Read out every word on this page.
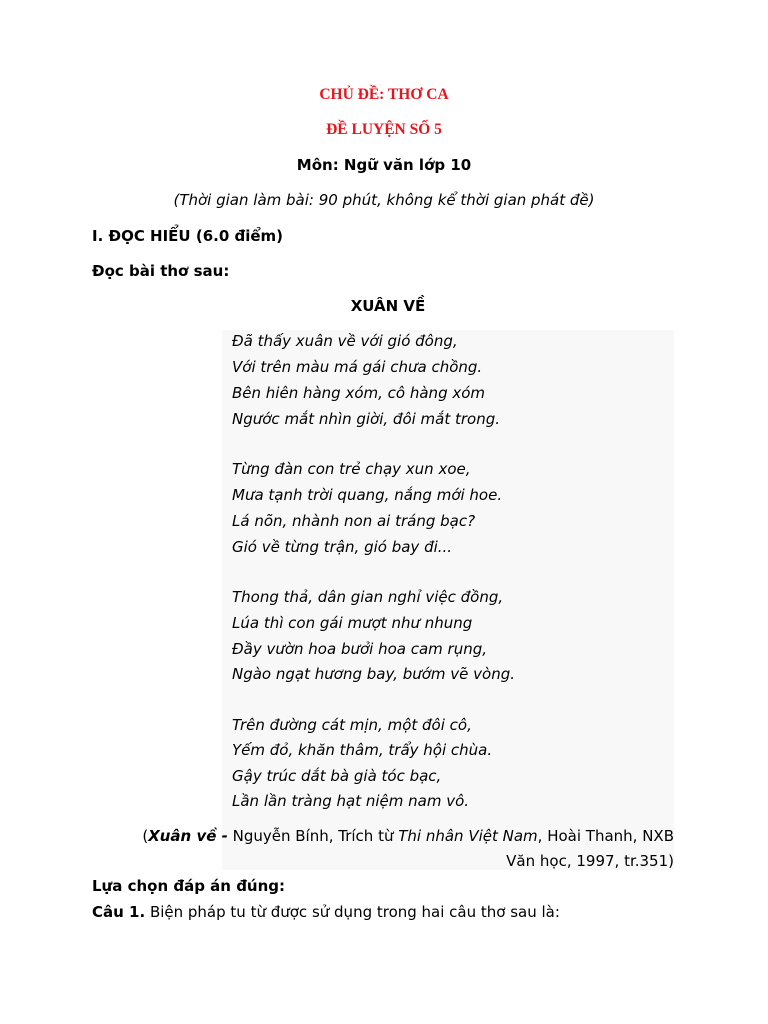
CHỦ ĐỀ: THƠ CA
ĐỀ LUYỆN SỐ 5
Môn: Ngữ văn lớp 10
(Thời gian làm bài: 90 phút, không kể thời gian phát đề)
I. ĐỌC HIỂU (6.0 điểm)
Đọc bài thơ sau:
XUÂN VỀ
Đã thấy xuân về với gió đông,
Với trên màu má gái chưa chồng.
Bên hiên hàng xóm, cô hàng xóm
Ngước mắt nhìn giời, đôi mắt trong.
Từng đàn con trẻ chạy xun xoe,
Mưa tạnh trời quang, nắng mới hoe.
Lá nõn, nhành non ai tráng bạc?
Gió về từng trận, gió bay đi...
Thong thả, dân gian nghỉ việc đồng,
Lúa thì con gái mượt như nhung
Đầy vườn hoa bưởi hoa cam rụng,
Ngào ngạt hương bay, bướm vẽ vòng.
Trên đường cát mịn, một đôi cô,
Yếm đỏ, khăn thâm, trẩy hội chùa.
Gậy trúc dắt bà già tóc bạc,
Lần lần tràng hạt niệm nam vô.
(Xuân về - Nguyễn Bính, Trích từ Thi nhân Việt Nam, Hoài Thanh, NXB
Văn học, 1997, tr.351)
Lựa chọn đáp án đúng:
Câu 1. Biện pháp tu từ được sử dụng trong hai câu thơ sau là:
